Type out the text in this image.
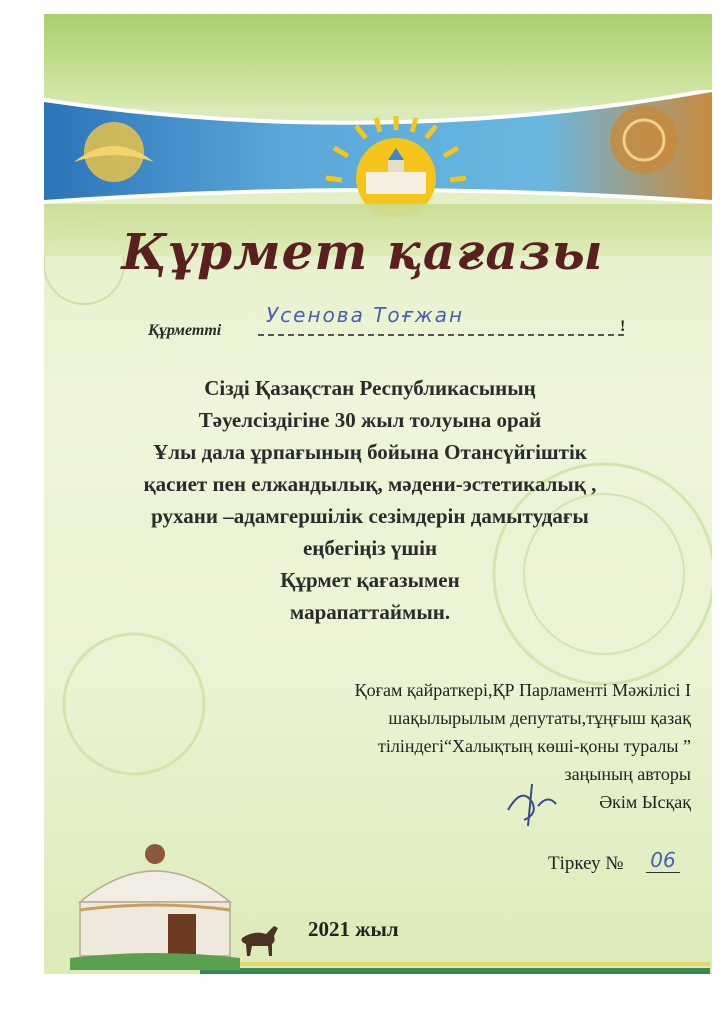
Құрмет қағазы
Құрметті
Усенова Тоғжан	!
Сізді Қазақстан Республикасының
Тәуелсіздігіне 30 жыл толуына орай
Ұлы дала ұрпағының бойына Отансүйгіштік
қасиет пен елжандылық, мәдени-эстетикалық ,
рухани –адамгершілік сезімдерін дамытудағы
еңбегіңіз үшін
Құрмет қағазымен
марапаттаймын.
Қоғам қайраткері,ҚР Парламенті Мәжілісі I
шақылырылым депутаты,тұңғыш қазақ
тіліндегі“Халықтың көші-қоны туралы ”
заңының авторы
Әкім Ысқақ
Тіркеу № 06
2021 жыл
